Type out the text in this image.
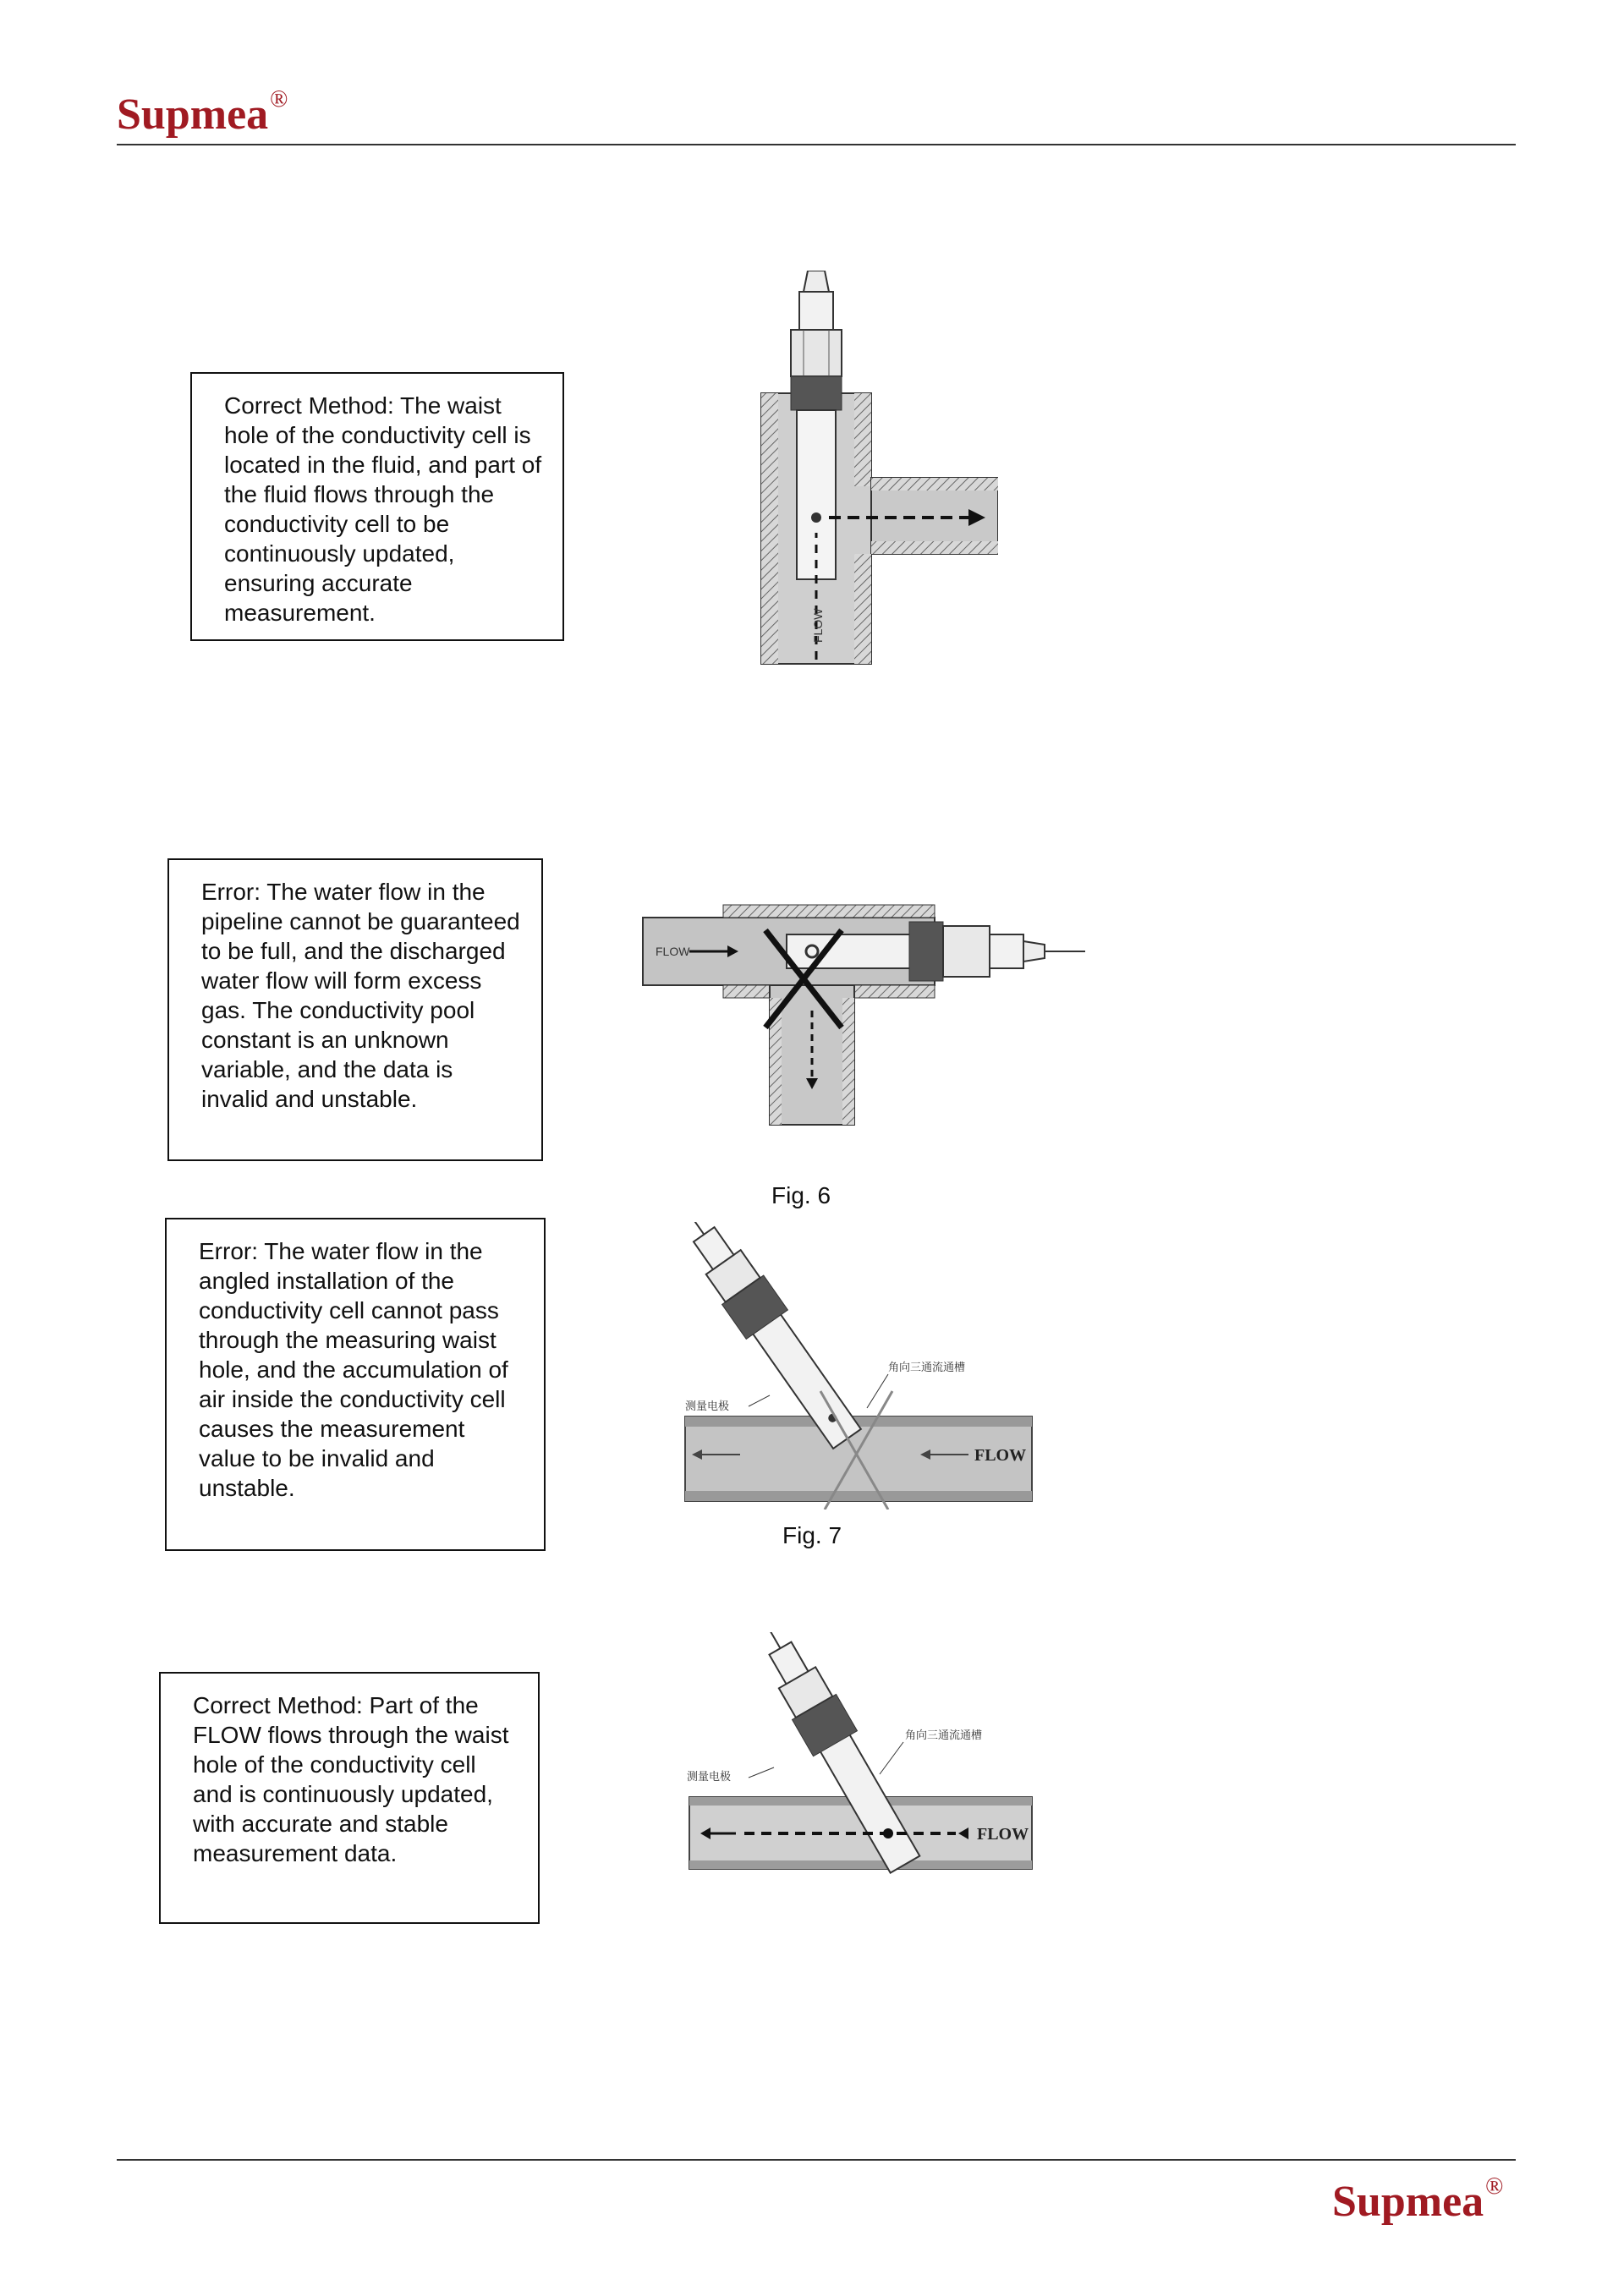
Supmea®
Correct Method: The waist hole of the conductivity cell is located in the fluid, and part of the fluid flows through the conductivity cell to be continuously updated, ensuring accurate measurement.	FLOW
Error: The water flow in the pipeline cannot be guaranteed to be full, and the discharged water flow will form excess gas. The conductivity pool constant is an unknown variable, and the data is invalid and unstable.
FLOW
Fig. 6
Error: The water flow in the angled installation of the conductivity cell cannot pass through the measuring waist hole, and the accumulation of air inside the conductivity cell causes the measurement value to be invalid and unstable.
FLOW
测量电极
角向三通流通槽
Fig. 7
Correct Method: Part of the FLOW flows through the waist hole of the conductivity cell and is continuously updated, with accurate and stable measurement data.
FLOW
测量电极
角向三通流通槽
Supmea®
